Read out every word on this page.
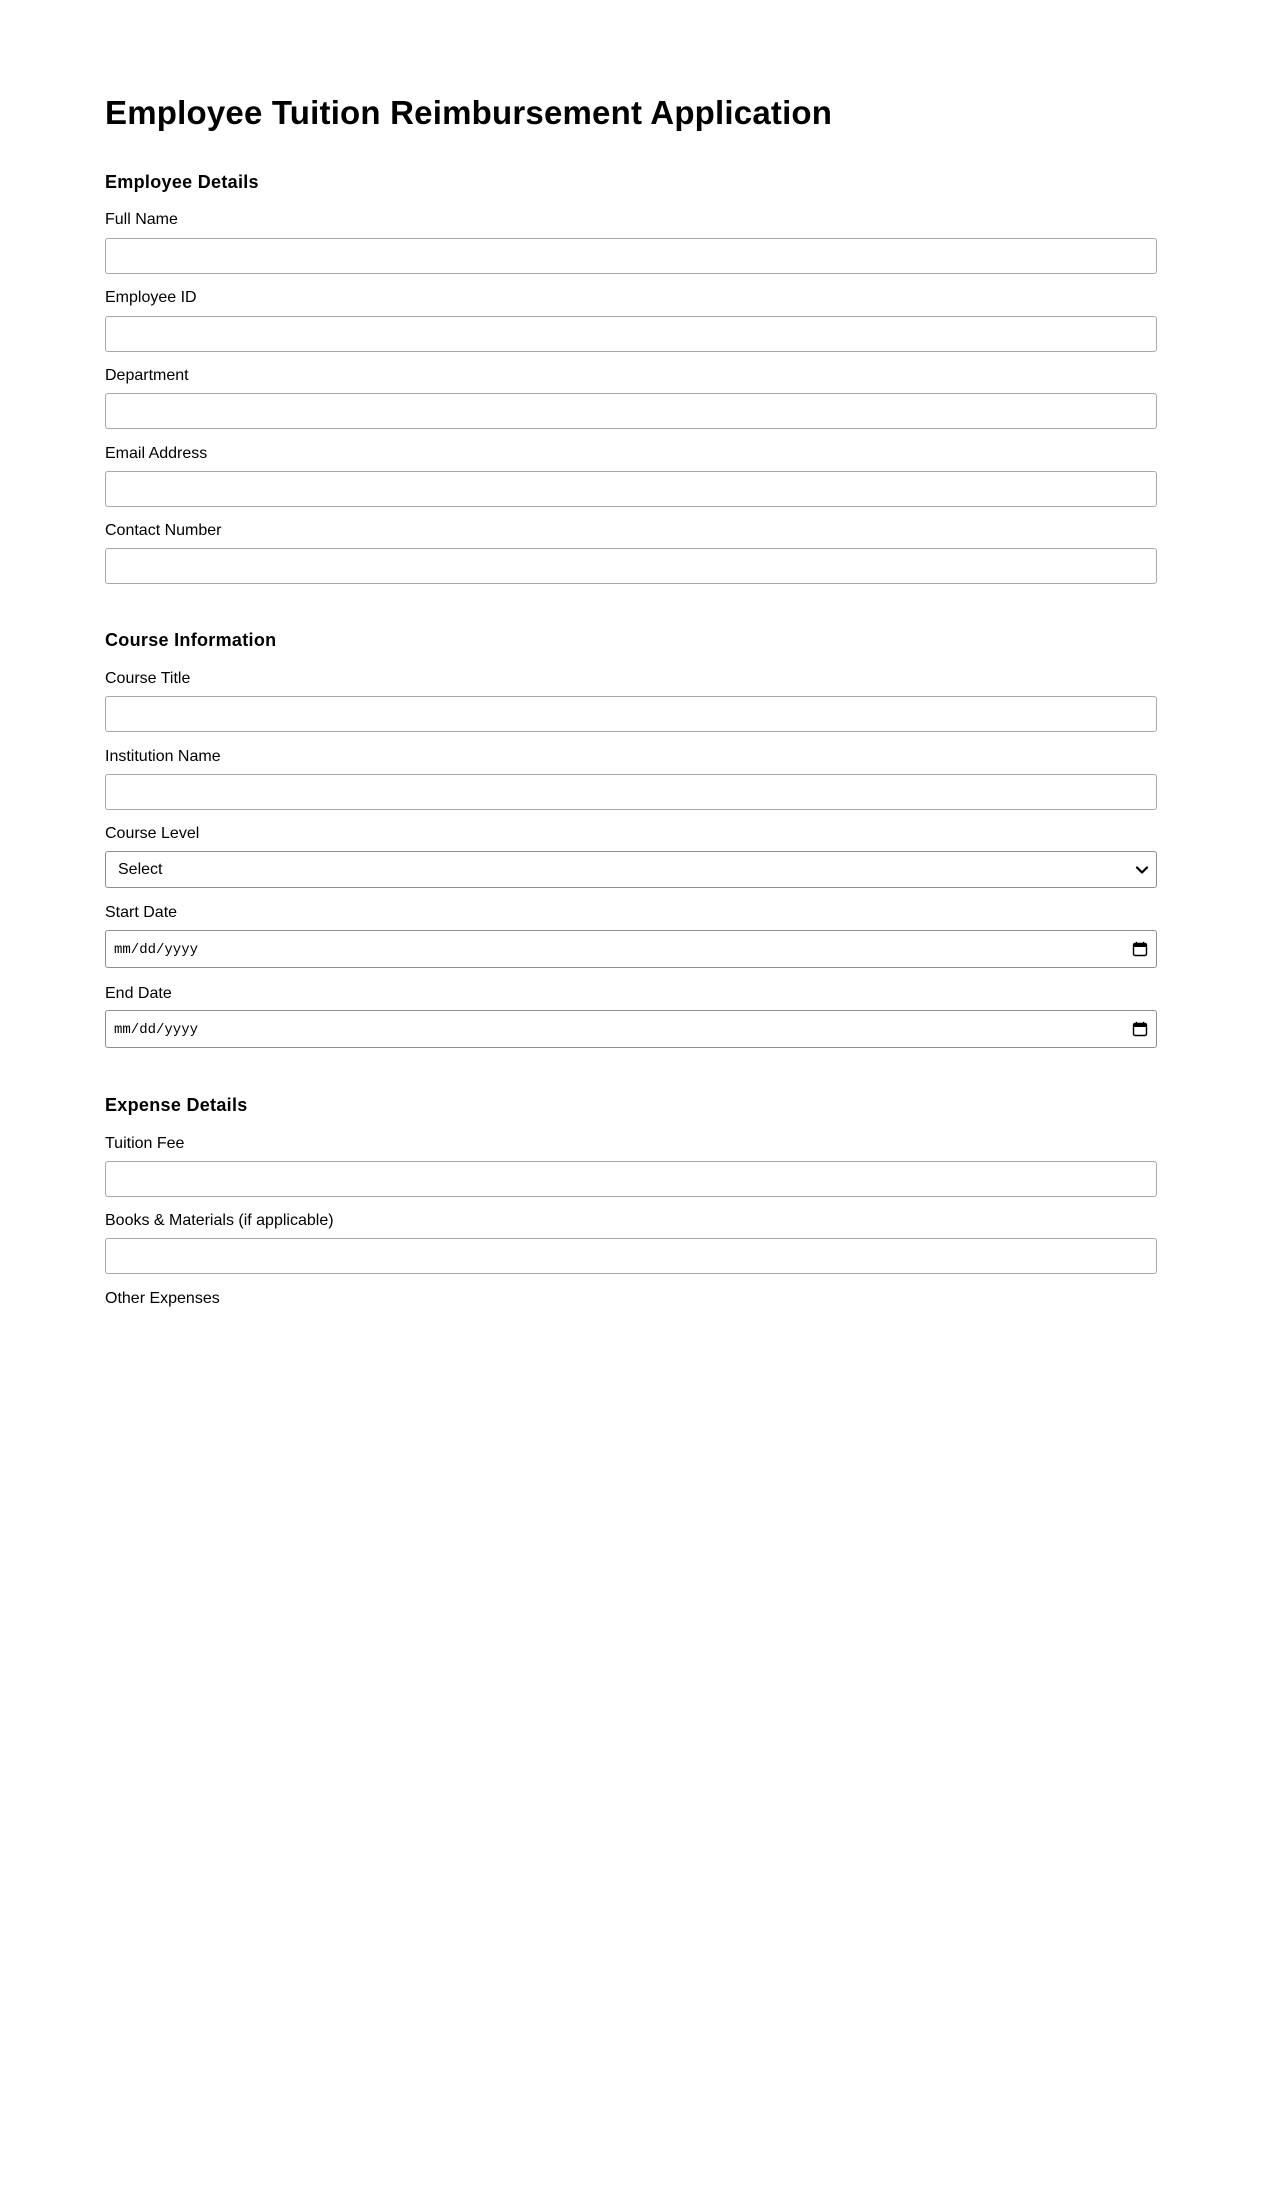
Employee Tuition Reimbursement Application
Employee Details
Full Name
Employee ID
Department
Email Address
Contact Number
Course Information
Course Title
Institution Name
Course Level
Select
Start Date
mm/dd/yyyy
End Date
mm/dd/yyyy
Expense Details
Tuition Fee
Books & Materials (if applicable)
Other Expenses
